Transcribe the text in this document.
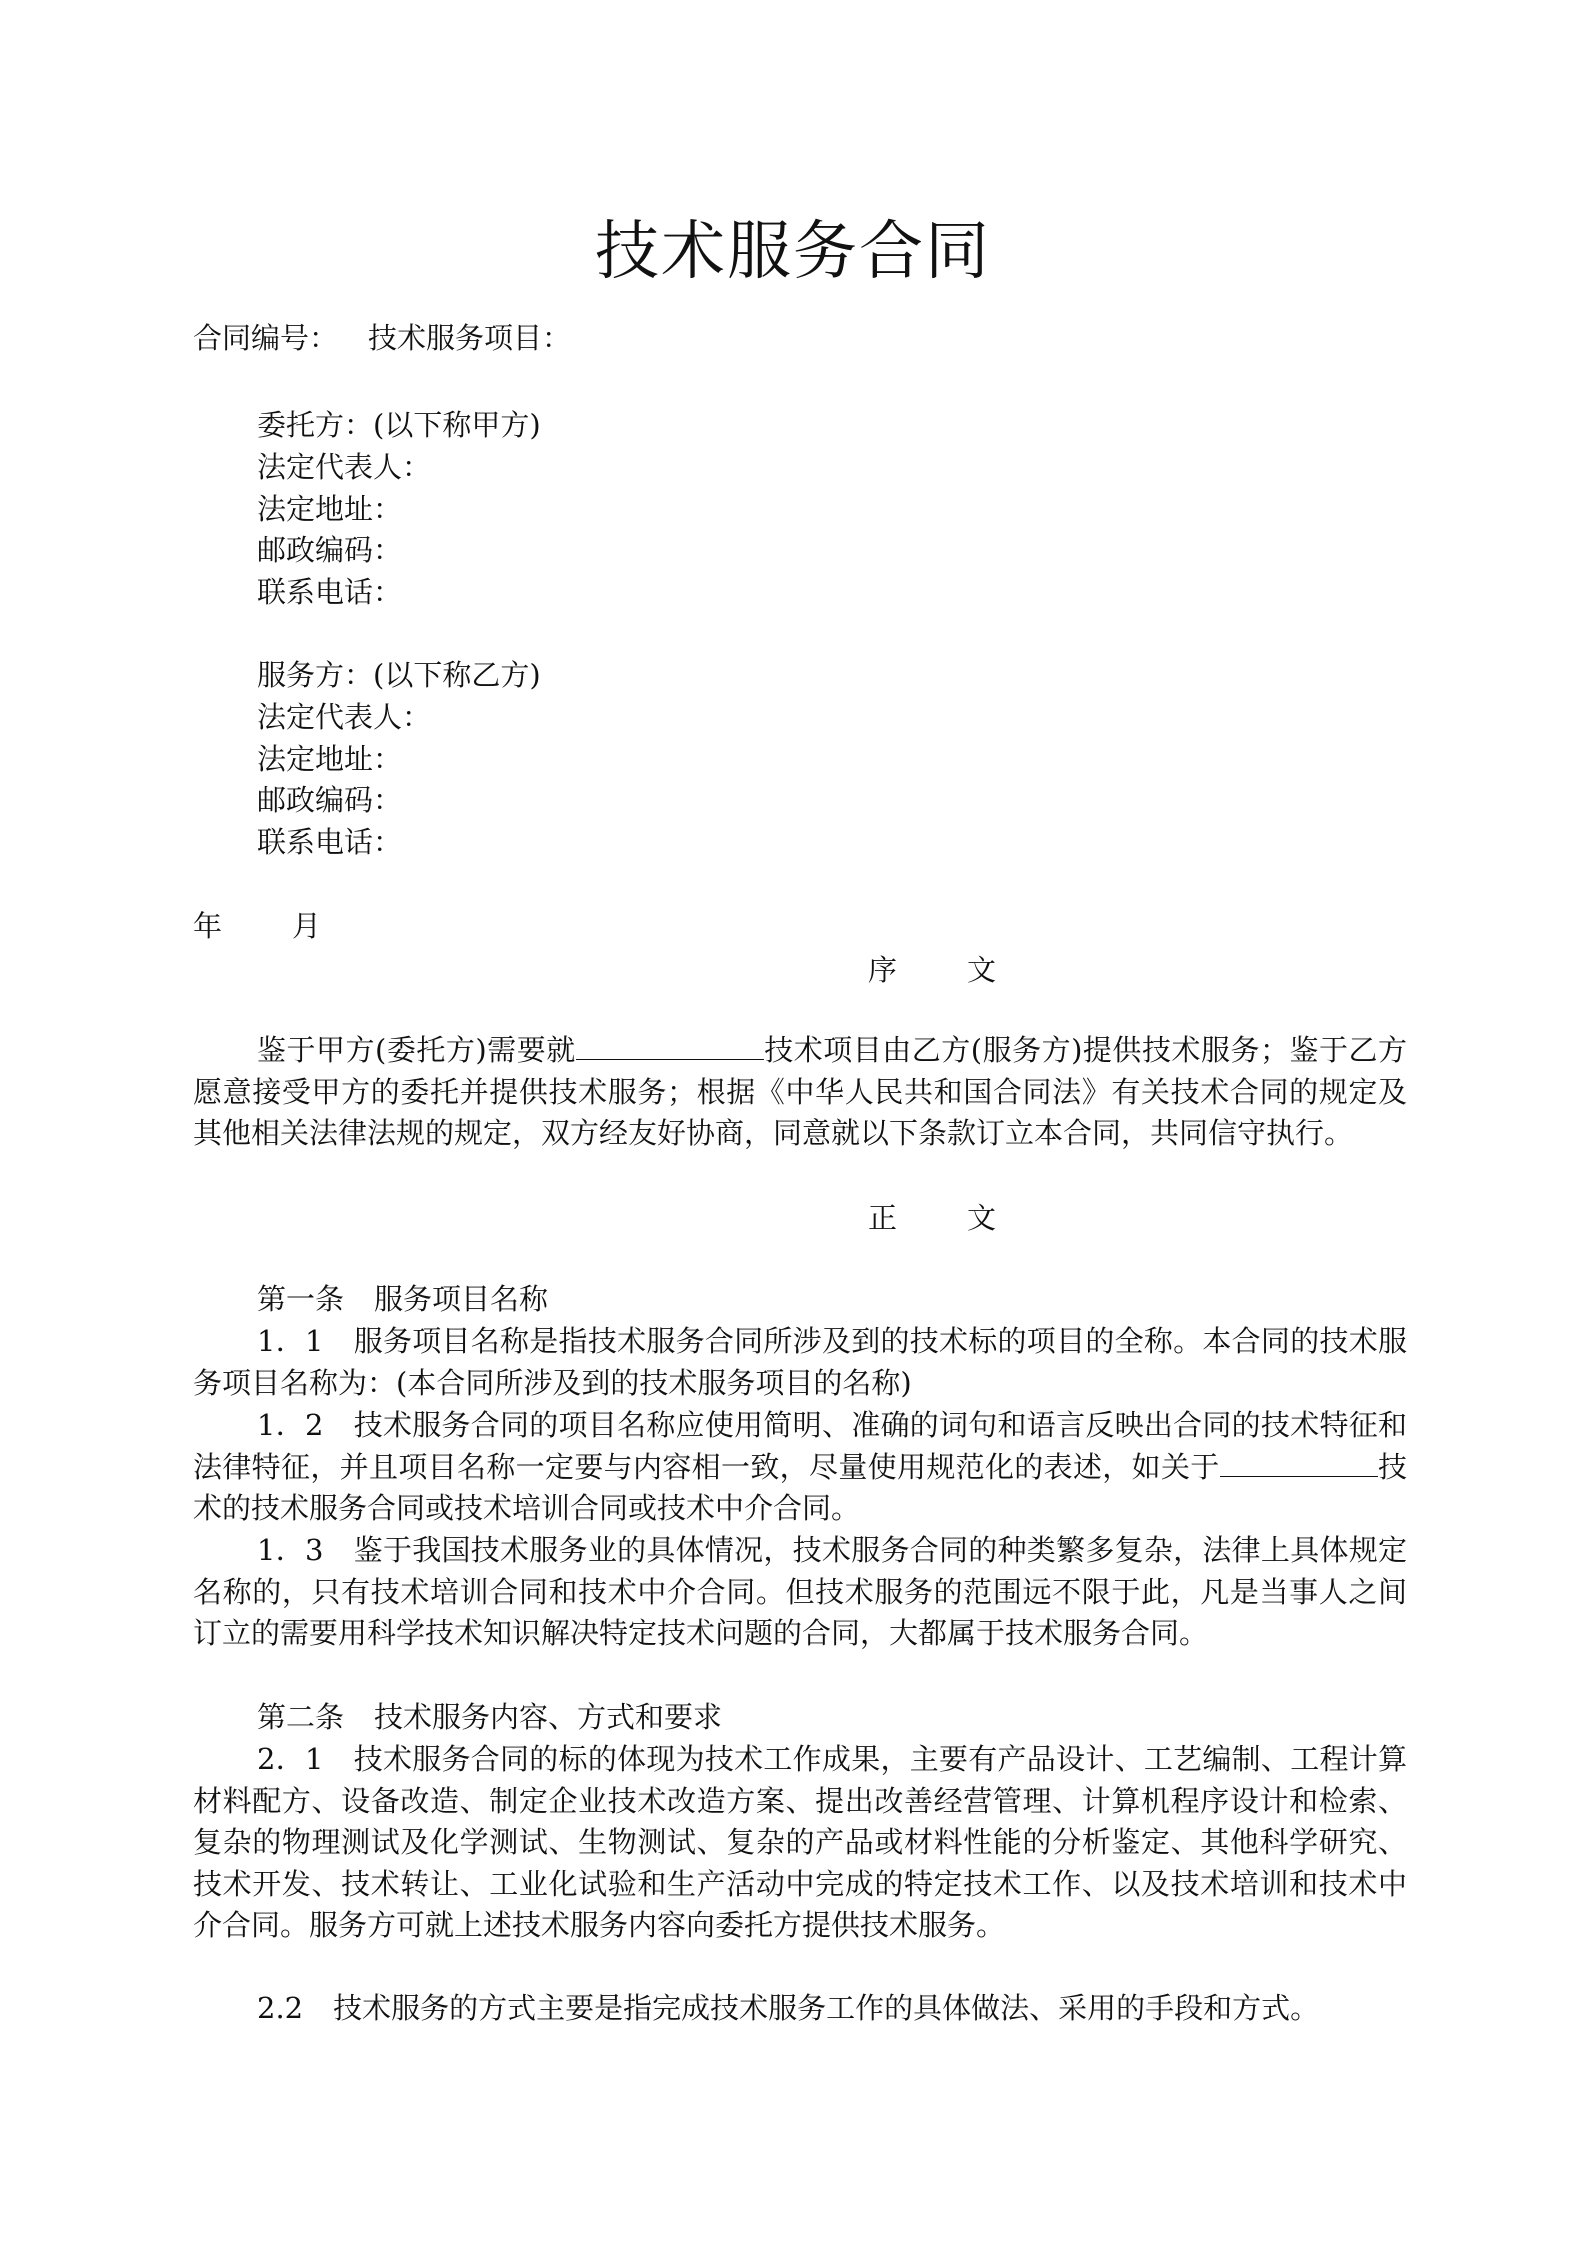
技术服务合同
合同编号： 技术服务项目：
委托方：(以下称甲方)
法定代表人：
法定地址：
邮政编码：
联系电话：
服务方：(以下称乙方)
法定代表人：
法定地址：
邮政编码：
联系电话：
年 月
序 文
鉴于甲方(委托方)需要就	技术项目由乙方(服务方)提供技术服务；鉴于乙方愿意接受甲方的委托并提供技术服务；根据《中华人民共和国合同法》有关技术合同的规定及其他相关法律法规的规定，双方经友好协商，同意就以下条款订立本合同，共同信守执行。
正 文
第一条 服务项目名称
1．1 服务项目名称是指技术服务合同所涉及到的技术标的项目的全称。本合同的技术服务项目名称为：(本合同所涉及到的技术服务项目的名称)
1．2 技术服务合同的项目名称应使用简明、准确的词句和语言反映出合同的技术特征和法律特征，并且项目名称一定要与内容相一致，尽量使用规范化的表述，如关于	技术的技术服务合同或技术培训合同或技术中介合同。
1．3 鉴于我国技术服务业的具体情况，技术服务合同的种类繁多复杂，法律上具体规定名称的，只有技术培训合同和技术中介合同。但技术服务的范围远不限于此，凡是当事人之间订立的需要用科学技术知识解决特定技术问题的合同，大都属于技术服务合同。
第二条 技术服务内容、方式和要求
2．1 技术服务合同的标的体现为技术工作成果，主要有产品设计、工艺编制、工程计算材料配方、设备改造、制定企业技术改造方案、提出改善经营管理、计算机程序设计和检索、复杂的物理测试及化学测试、生物测试、复杂的产品或材料性能的分析鉴定、其他科学研究、技术开发、技术转让、工业化试验和生产活动中完成的特定技术工作、以及技术培训和技术中介合同。服务方可就上述技术服务内容向委托方提供技术服务。
2.2 技术服务的方式主要是指完成技术服务工作的具体做法、采用的手段和方式。
